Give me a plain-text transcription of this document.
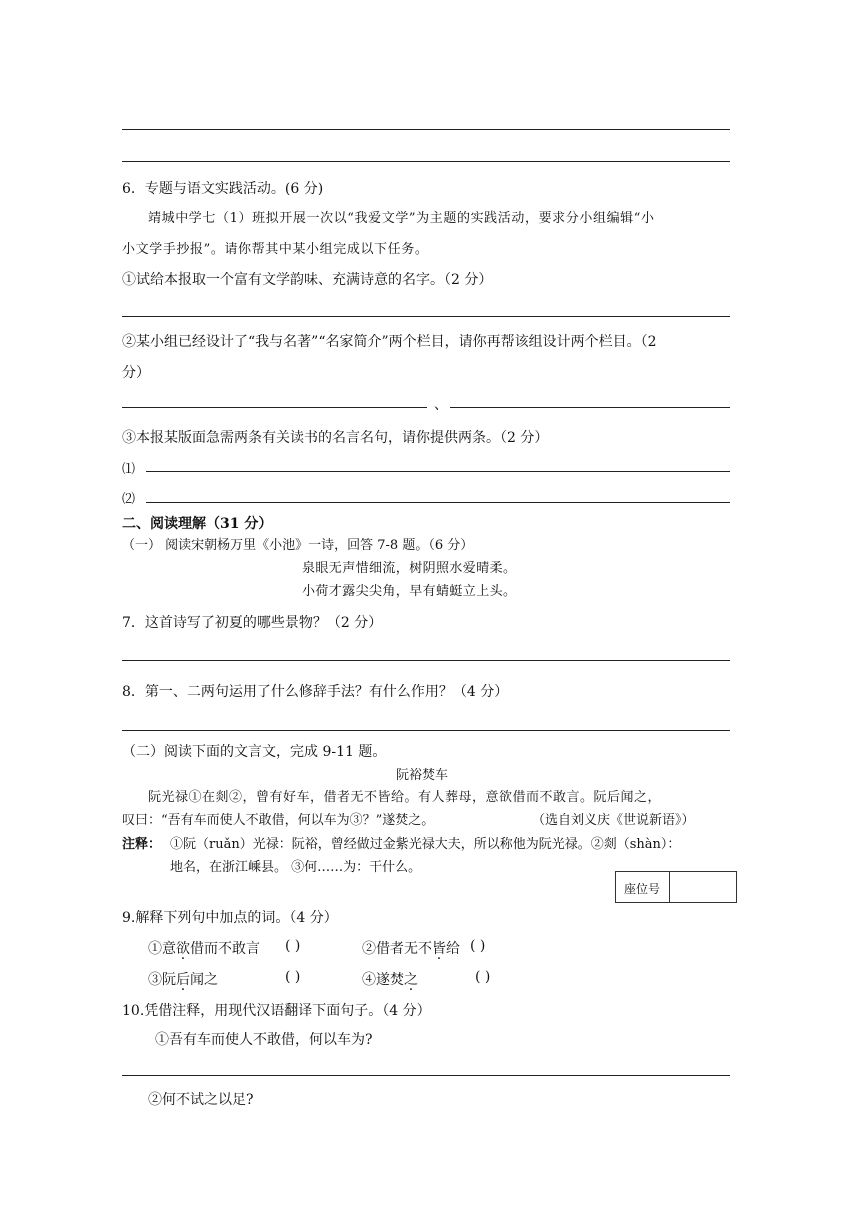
6．专题与语文实践活动。(6 分)
靖城中学七（1）班拟开展一次以“我爱文学”为主题的实践活动，要求分小组编辑“小
小文学手抄报”。请你帮其中某小组完成以下任务。
①试给本报取一个富有文学韵味、充满诗意的名字。（2 分）
②某小组已经设计了“我与名著”“名家简介”两个栏目，请你再帮该组设计两个栏目。（2
分）
、
③本报某版面急需两条有关读书的名言名句，请你提供两条。（2 分）
⑴
⑵
二、阅读理解（31 分）
（一） 阅读宋朝杨万里《小池》一诗，回答 7-8 题。（6 分）
泉眼无声惜细流，树阴照水爱晴柔。
小荷才露尖尖角，早有蜻蜓立上头。
7．这首诗写了初夏的哪些景物？（2 分）
8．第一、二两句运用了什么修辞手法？有什么作用？（4 分）
（二）阅读下面的文言文，完成 9-11 题。
阮裕焚车
阮光禄①在剡②，曾有好车，借者无不皆给。有人葬母，意欲借而不敢言。阮后闻之，
叹曰：“吾有车而使人不敢借，何以车为③？”遂焚之。	（选自刘义庆《世说新语》）
注释： ①阮（ruǎn）光禄：阮裕，曾经做过金紫光禄大夫，所以称他为阮光禄。②剡（shàn）：
地名，在浙江嵊县。 ③何……为：干什么。
座位号
9.解释下列句中加点的词。（4 分）
①意欲借而不敢言 ( )	②借者无不皆给 ( )
③阮后闻之	( )	④遂焚之	( )
10.凭借注释，用现代汉语翻译下面句子。（4 分）
①吾有车而使人不敢借，何以车为?
②何不试之以足?
